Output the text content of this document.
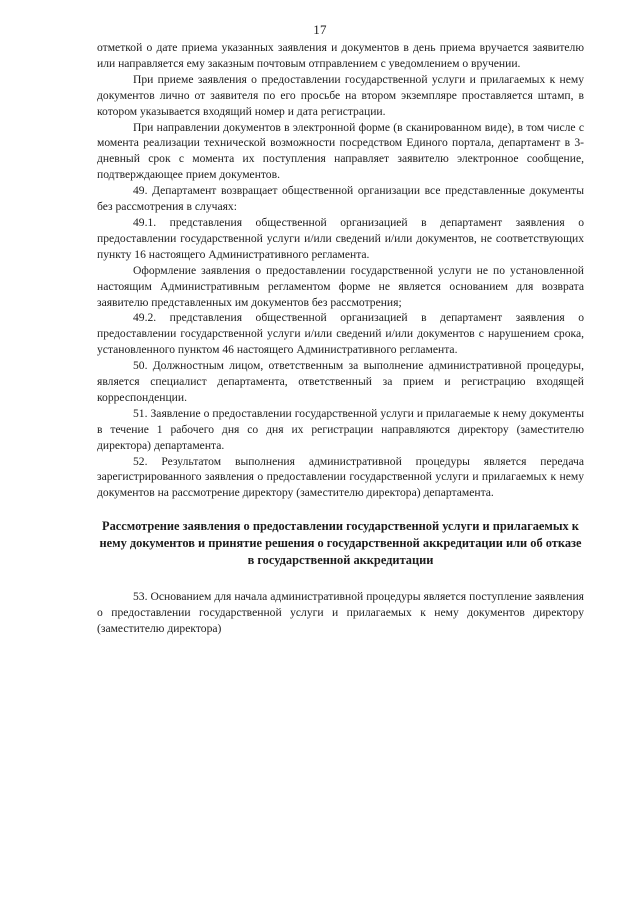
17

отметкой о дате приема указанных заявления и документов в день приема вручается заявителю или направляется ему заказным почтовым отправлением с уведомлением о вручении.

При приеме заявления о предоставлении государственной услуги и прилагаемых к нему документов лично от заявителя по его просьбе на втором экземпляре проставляется штамп, в котором указывается входящий номер и дата регистрации.

При направлении документов в электронной форме (в сканированном виде), в том числе с момента реализации технической возможности посредством Единого портала, департамент в 3-дневный срок с момента их поступления направляет заявителю электронное сообщение, подтверждающее прием документов.

49. Департамент возвращает общественной организации все представленные документы без рассмотрения в случаях:

49.1. представления общественной организацией в департамент заявления о предоставлении государственной услуги и/или сведений и/или документов, не соответствующих пункту 16 настоящего Административного регламента.

Оформление заявления о предоставлении государственной услуги не по установленной настоящим Административным регламентом форме не является основанием для возврата заявителю представленных им документов без рассмотрения;

49.2. представления общественной организацией в департамент заявления о предоставлении государственной услуги и/или сведений и/или документов с нарушением срока, установленного пунктом 46 настоящего Административного регламента.

50. Должностным лицом, ответственным за выполнение административной процедуры, является специалист департамента, ответственный за прием и регистрацию входящей корреспонденции.

51. Заявление о предоставлении государственной услуги и прилагаемые к нему документы в течение 1 рабочего дня со дня их регистрации направляются директору (заместителю директора) департамента.

52. Результатом выполнения административной процедуры является передача зарегистрированного заявления о предоставлении государственной услуги и прилагаемых к нему документов на рассмотрение директору (заместителю директора) департамента.

Рассмотрение заявления о предоставлении государственной услуги и прилагаемых к нему документов и принятие решения о государственной аккредитации или об отказе в государственной аккредитации

53. Основанием для начала административной процедуры является поступление заявления о предоставлении государственной услуги и прилагаемых к нему документов директору (заместителю директора)
